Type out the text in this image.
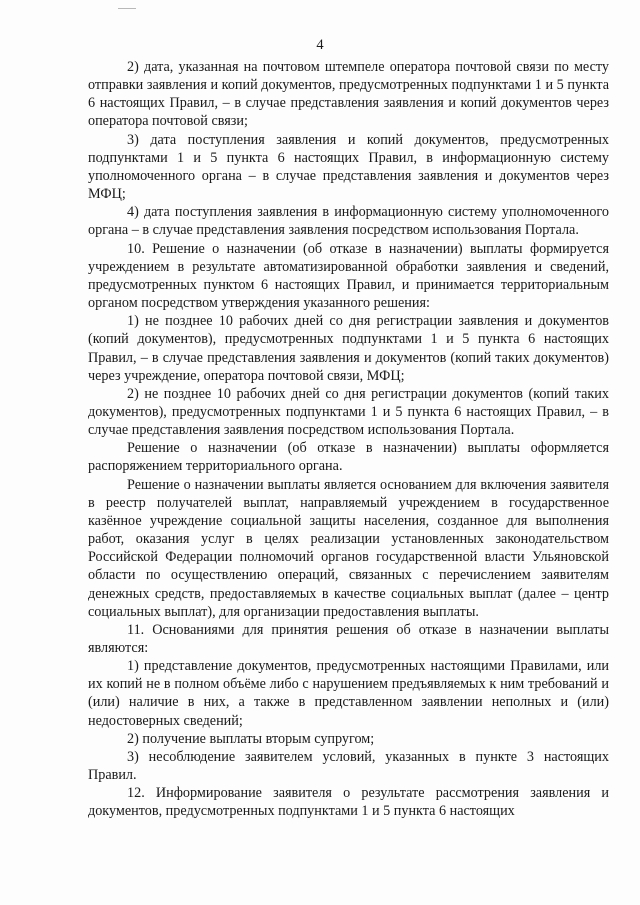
4

2) дата, указанная на почтовом штемпеле оператора почтовой связи по месту отправки заявления и копий документов, предусмотренных подпунктами 1 и 5 пункта 6 настоящих Правил, – в случае представления заявления и копий документов через оператора почтовой связи;

3) дата поступления заявления и копий документов, предусмотренных подпунктами 1 и 5 пункта 6 настоящих Правил, в информационную систему уполномоченного органа – в случае представления заявления и документов через МФЦ;

4) дата поступления заявления в информационную систему уполномоченного органа – в случае представления заявления посредством использования Портала.

10. Решение о назначении (об отказе в назначении) выплаты формируется учреждением в результате автоматизированной обработки заявления и сведений, предусмотренных пунктом 6 настоящих Правил, и принимается территориальным органом посредством утверждения указанного решения:

1) не позднее 10 рабочих дней со дня регистрации заявления и документов (копий документов), предусмотренных подпунктами 1 и 5 пункта 6 настоящих Правил, – в случае представления заявления и документов (копий таких документов) через учреждение, оператора почтовой связи, МФЦ;

2) не позднее 10 рабочих дней со дня регистрации документов (копий таких документов), предусмотренных подпунктами 1 и 5 пункта 6 настоящих Правил, – в случае представления заявления посредством использования Портала.

Решение о назначении (об отказе в назначении) выплаты оформляется распоряжением территориального органа.

Решение о назначении выплаты является основанием для включения заявителя в реестр получателей выплат, направляемый учреждением в государственное казённое учреждение социальной защиты населения, созданное для выполнения работ, оказания услуг в целях реализации установленных законодательством Российской Федерации полномочий органов государственной власти Ульяновской области по осуществлению операций, связанных с перечислением заявителям денежных средств, предоставляемых в качестве социальных выплат (далее – центр социальных выплат), для организации предоставления выплаты.

11. Основаниями для принятия решения об отказе в назначении выплаты являются:

1) представление документов, предусмотренных настоящими Правилами, или их копий не в полном объёме либо с нарушением предъявляемых к ним требований и (или) наличие в них, а также в представленном заявлении неполных и (или) недостоверных сведений;

2) получение выплаты вторым супругом;

3) несоблюдение заявителем условий, указанных в пункте 3 настоящих Правил.

12. Информирование заявителя о результате рассмотрения заявления и документов, предусмотренных подпунктами 1 и 5 пункта 6 настоящих
